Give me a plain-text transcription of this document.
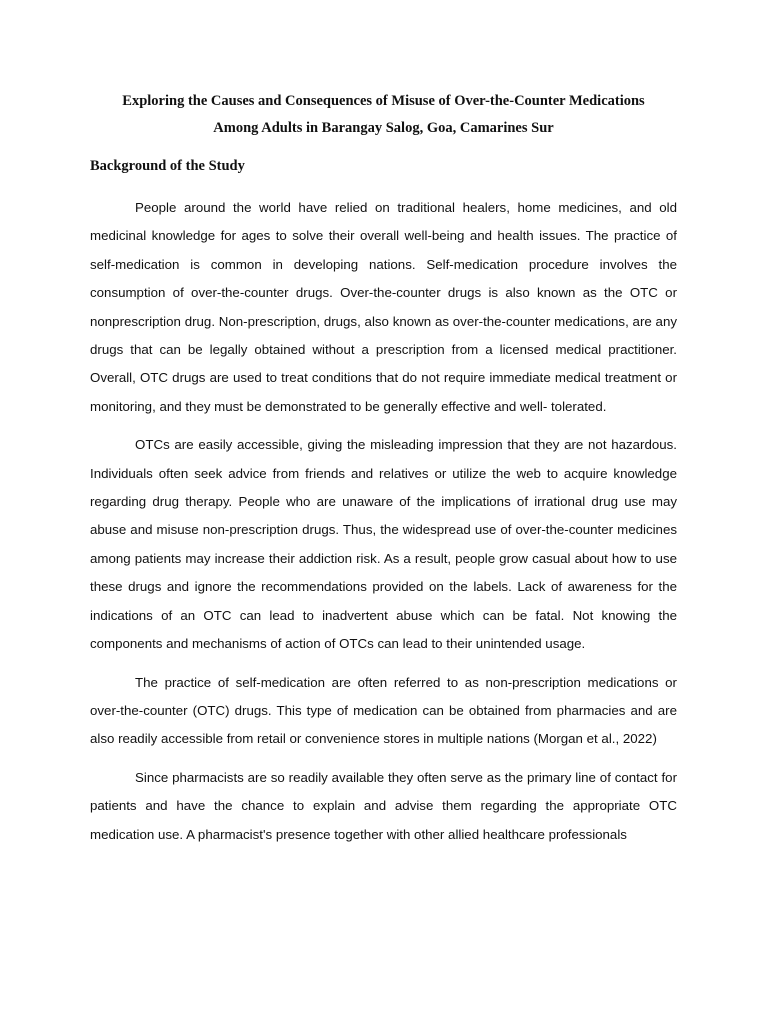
Exploring the Causes and Consequences of Misuse of Over-the-Counter Medications
Among Adults in Barangay Salog, Goa, Camarines Sur
Background of the Study

People around the world have relied on traditional healers, home medicines, and old medicinal knowledge for ages to solve their overall well-being and health issues. The practice of self-medication is common in developing nations. Self-medication procedure involves the consumption of over-the-counter drugs. Over-the-counter drugs is also known as the OTC or nonprescription drug. Non-prescription, drugs, also known as over-the-counter medications, are any drugs that can be legally obtained without a prescription from a licensed medical practitioner. Overall, OTC drugs are used to treat conditions that do not require immediate medical treatment or monitoring, and they must be demonstrated to be generally effective and well- tolerated.

OTCs are easily accessible, giving the misleading impression that they are not hazardous. Individuals often seek advice from friends and relatives or utilize the web to acquire knowledge regarding drug therapy. People who are unaware of the implications of irrational drug use may abuse and misuse non-prescription drugs. Thus, the widespread use of over-the-counter medicines among patients may increase their addiction risk. As a result, people grow casual about how to use these drugs and ignore the recommendations provided on the labels. Lack of awareness for the indications of an OTC can lead to inadvertent abuse which can be fatal. Not knowing the components and mechanisms of action of OTCs can lead to their unintended usage.

The practice of self-medication are often referred to as non-prescription medications or over-the-counter (OTC) drugs. This type of medication can be obtained from pharmacies and are also readily accessible from retail or convenience stores in multiple nations (Morgan et al., 2022)

Since pharmacists are so readily available they often serve as the primary line of contact for patients and have the chance to explain and advise them regarding the appropriate OTC medication use. A pharmacist's presence together with other allied healthcare professionals
